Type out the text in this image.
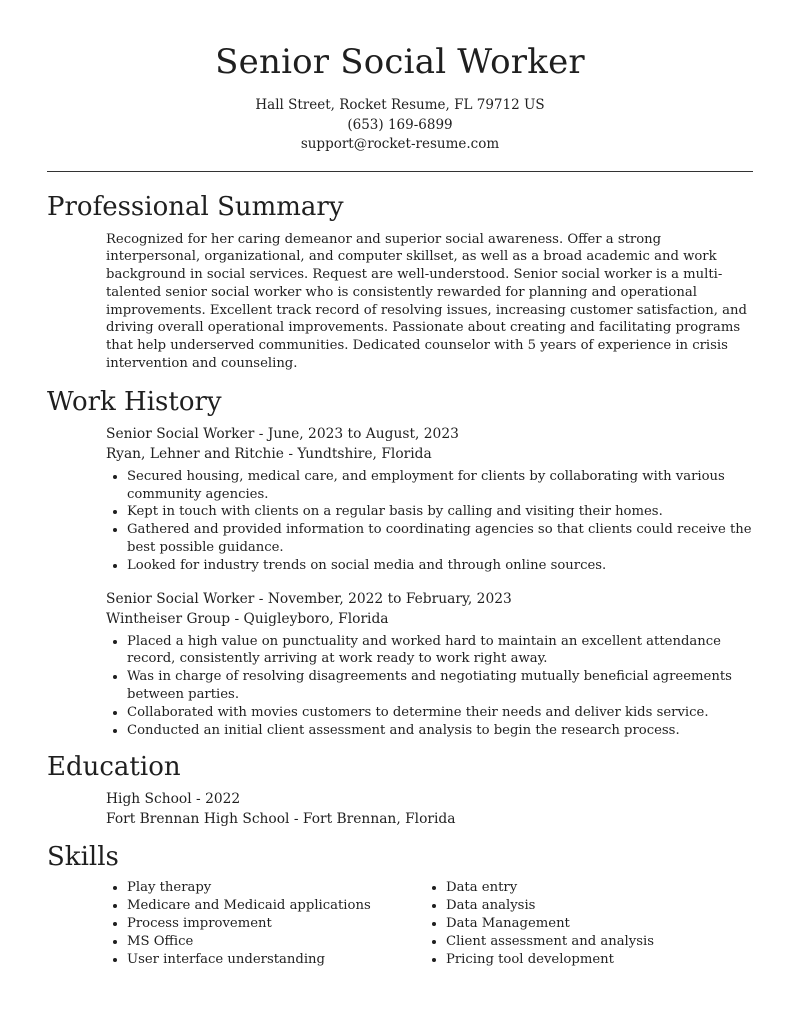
Senior Social Worker
Hall Street, Rocket Resume, FL 79712 US
(653) 169-6899
support@rocket-resume.com
Professional Summary

Recognized for her caring demeanor and superior social awareness. Offer a strong interpersonal, organizational, and computer skillset, as well as a broad academic and work background in social services. Request are well-understood. Senior social worker is a multi-talented senior social worker who is consistently rewarded for planning and operational improvements. Excellent track record of resolving issues, increasing customer satisfaction, and driving overall operational improvements. Passionate about creating and facilitating programs that help underserved communities. Dedicated counselor with 5 years of experience in crisis intervention and counseling.

Work History
Senior Social Worker - June, 2023 to August, 2023
Ryan, Lehner and Ritchie - Yundtshire, Florida
• Secured housing, medical care, and employment for clients by collaborating with various community agencies.
• Kept in touch with clients on a regular basis by calling and visiting their homes.
• Gathered and provided information to coordinating agencies so that clients could receive the best possible guidance.
• Looked for industry trends on social media and through online sources.
Senior Social Worker - November, 2022 to February, 2023
Wintheiser Group - Quigleyboro, Florida
• Placed a high value on punctuality and worked hard to maintain an excellent attendance record, consistently arriving at work ready to work right away.
• Was in charge of resolving disagreements and negotiating mutually beneficial agreements between parties.
• Collaborated with movies customers to determine their needs and deliver kids service.
• Conducted an initial client assessment and analysis to begin the research process.
Education
High School - 2022
Fort Brennan High School - Fort Brennan, Florida
Skills
• Play therapy
• Medicare and Medicaid applications
• Process improvement
• MS Office
• User interface understanding
• Data entry
• Data analysis
• Data Management
• Client assessment and analysis
• Pricing tool development
